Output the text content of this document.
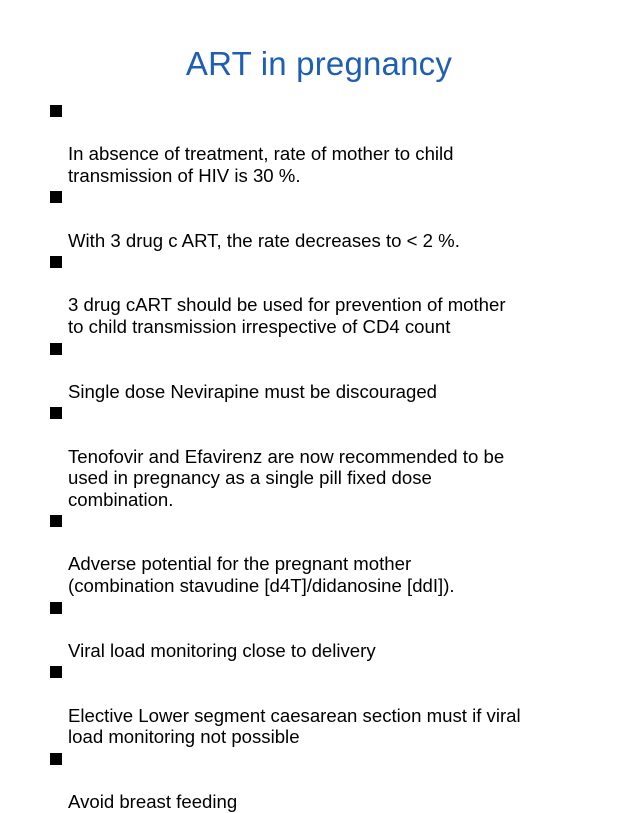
ART in pregnancy

In absence of treatment, rate of mother to child
transmission of HIV is 30 %.

With 3 drug c ART, the rate decreases to < 2 %.

3 drug cART should be used for prevention of mother
to child transmission irrespective of CD4 count

Single dose Nevirapine must be discouraged

Tenofovir and Efavirenz are now recommended to be
used in pregnancy as a single pill fixed dose
combination.

Adverse potential for the pregnant mother
(combination stavudine [d4T]/didanosine [ddI]).

Viral load monitoring close to delivery

Elective Lower segment caesarean section must if viral
load monitoring not possible

Avoid breast feeding
